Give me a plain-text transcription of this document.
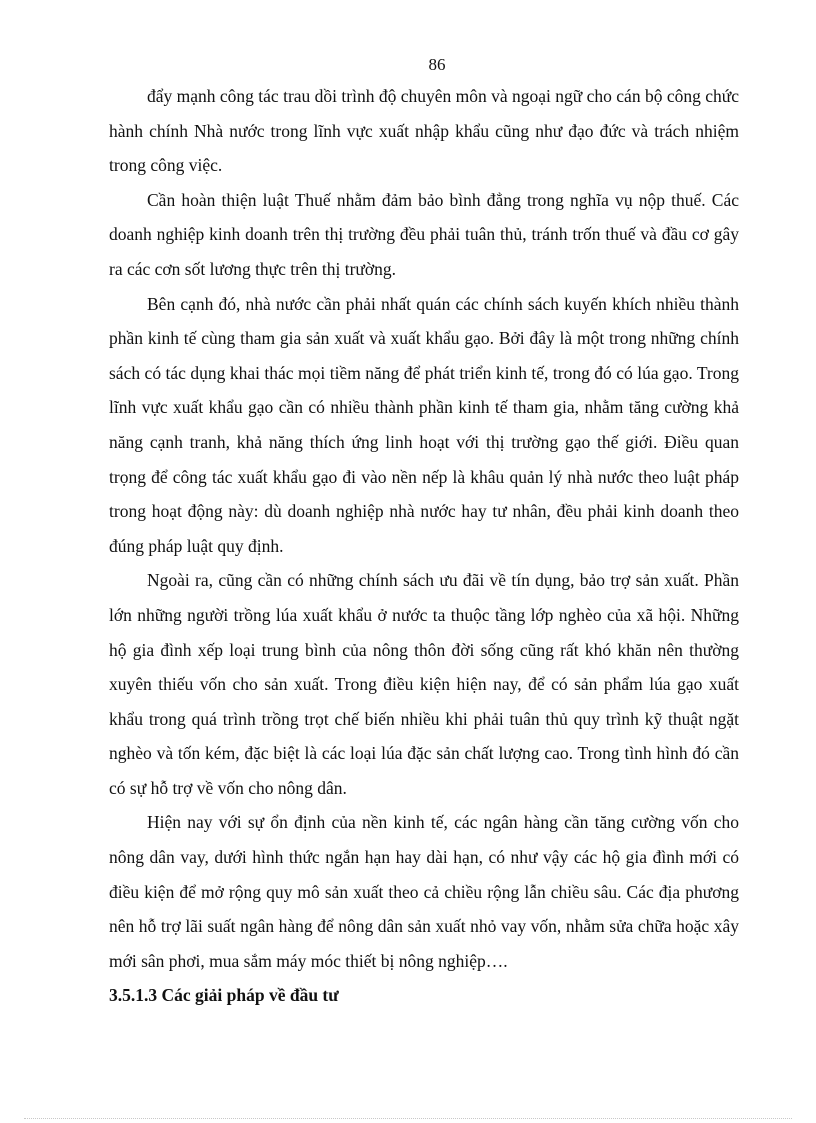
86

đẩy mạnh công tác trau dồi trình độ chuyên môn và ngoại ngữ cho cán bộ công chức hành chính Nhà nước trong lĩnh vực xuất nhập khẩu cũng như đạo đức và trách nhiệm trong công việc.

Cần hoàn thiện luật Thuế nhằm đảm bảo bình đẳng trong nghĩa vụ nộp thuế. Các doanh nghiệp kinh doanh trên thị trường đều phải tuân thủ, tránh trốn thuế và đầu cơ gây ra các cơn sốt lương thực trên thị trường.

Bên cạnh đó, nhà nước cần phải nhất quán các chính sách kuyến khích nhiều thành phần kinh tế cùng tham gia sản xuất và xuất khẩu gạo. Bởi đây là một trong những chính sách có tác dụng khai thác mọi tiềm năng để phát triển kinh tế, trong đó có lúa gạo. Trong lĩnh vực xuất khẩu gạo cần có nhiều thành phần kinh tế tham gia, nhằm tăng cường khả năng cạnh tranh, khả năng thích ứng linh hoạt với thị trường gạo thế giới. Điều quan trọng để công tác xuất khẩu gạo đi vào nền nếp là khâu quản lý nhà nước theo luật pháp trong hoạt động này: dù doanh nghiệp nhà nước hay tư nhân, đều phải kinh doanh theo đúng pháp luật quy định.

Ngoài ra, cũng cần có những chính sách ưu đãi về tín dụng, bảo trợ sản xuất. Phần lớn những người trồng lúa xuất khẩu ở nước ta thuộc tầng lớp nghèo của xã hội. Những hộ gia đình xếp loại trung bình của nông thôn đời sống cũng rất khó khăn nên thường xuyên thiếu vốn cho sản xuất. Trong điều kiện hiện nay, để có sản phẩm lúa gạo xuất khẩu trong quá trình trồng trọt chế biến nhiều khi phải tuân thủ quy trình kỹ thuật ngặt nghèo và tốn kém, đặc biệt là các loại lúa đặc sản chất lượng cao. Trong tình hình đó cần có sự hỗ trợ về vốn cho nông dân.

Hiện nay với sự ổn định của nền kinh tế, các ngân hàng cần tăng cường vốn cho nông dân vay, dưới hình thức ngắn hạn hay dài hạn, có như vậy các hộ gia đình mới có điều kiện để mở rộng quy mô sản xuất theo cả chiều rộng lẫn chiều sâu. Các địa phương nên hỗ trợ lãi suất ngân hàng để nông dân sản xuất nhỏ vay vốn, nhằm sửa chữa hoặc xây mới sân phơi, mua sắm máy móc thiết bị nông nghiệp….

3.5.1.3 Các giải pháp về đầu tư
